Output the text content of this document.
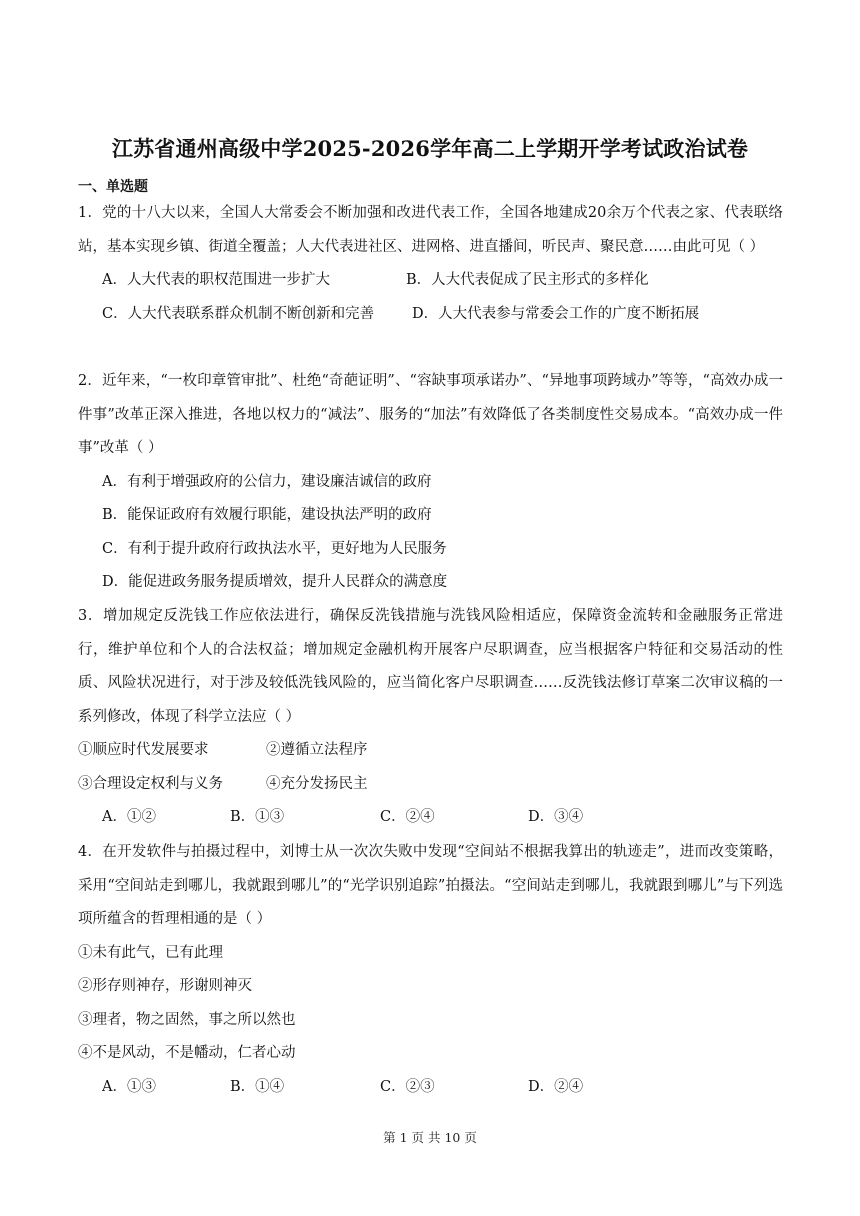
江苏省通州高级中学2025-2026学年高二上学期开学考试政治试卷
一、单选题

1．党的十八大以来，全国人大常委会不断加强和改进代表工作，全国各地建成20余万个代表之家、代表联络站，基本实现乡镇、街道全覆盖；人大代表进社区、进网格、进直播间，听民声、聚民意……由此可见（ ）

A．人大代表的职权范围进一步扩大	B．人大代表促成了民主形式的多样化
C．人大代表联系群众机制不断创新和完善	D．人大代表参与常委会工作的广度不断拓展

2．近年来，“一枚印章管审批”、杜绝“奇葩证明”、“容缺事项承诺办”、“异地事项跨域办”等等，“高效办成一件事”改革正深入推进，各地以权力的“减法”、服务的“加法”有效降低了各类制度性交易成本。“高效办成一件事”改革（ ）

A．有利于增强政府的公信力，建设廉洁诚信的政府
B．能保证政府有效履行职能，建设执法严明的政府
C．有利于提升政府行政执法水平，更好地为人民服务
D．能促进政务服务提质增效，提升人民群众的满意度

3．增加规定反洗钱工作应依法进行，确保反洗钱措施与洗钱风险相适应，保障资金流转和金融服务正常进行，维护单位和个人的合法权益；增加规定金融机构开展客户尽职调查，应当根据客户特征和交易活动的性质、风险状况进行，对于涉及较低洗钱风险的，应当简化客户尽职调查……反洗钱法修订草案二次审议稿的一系列修改，体现了科学立法应（ ）

①顺应时代发展要求	②遵循立法程序
③合理设定权利与义务	④充分发扬民主
A．①②	B．①③	C．②④	D．③④

4．在开发软件与拍摄过程中，刘博士从一次次失败中发现“空间站不根据我算出的轨迹走”，进而改变策略，采用“空间站走到哪儿，我就跟到哪儿”的“光学识别追踪”拍摄法。“空间站走到哪儿，我就跟到哪儿”与下列选项所蕴含的哲理相通的是（ ）

①未有此气，已有此理
②形存则神存，形谢则神灭
③理者，物之固然，事之所以然也
④不是风动，不是幡动，仁者心动
A．①③	B．①④	C．②③	D．②④
第 1 页 共 10 页
